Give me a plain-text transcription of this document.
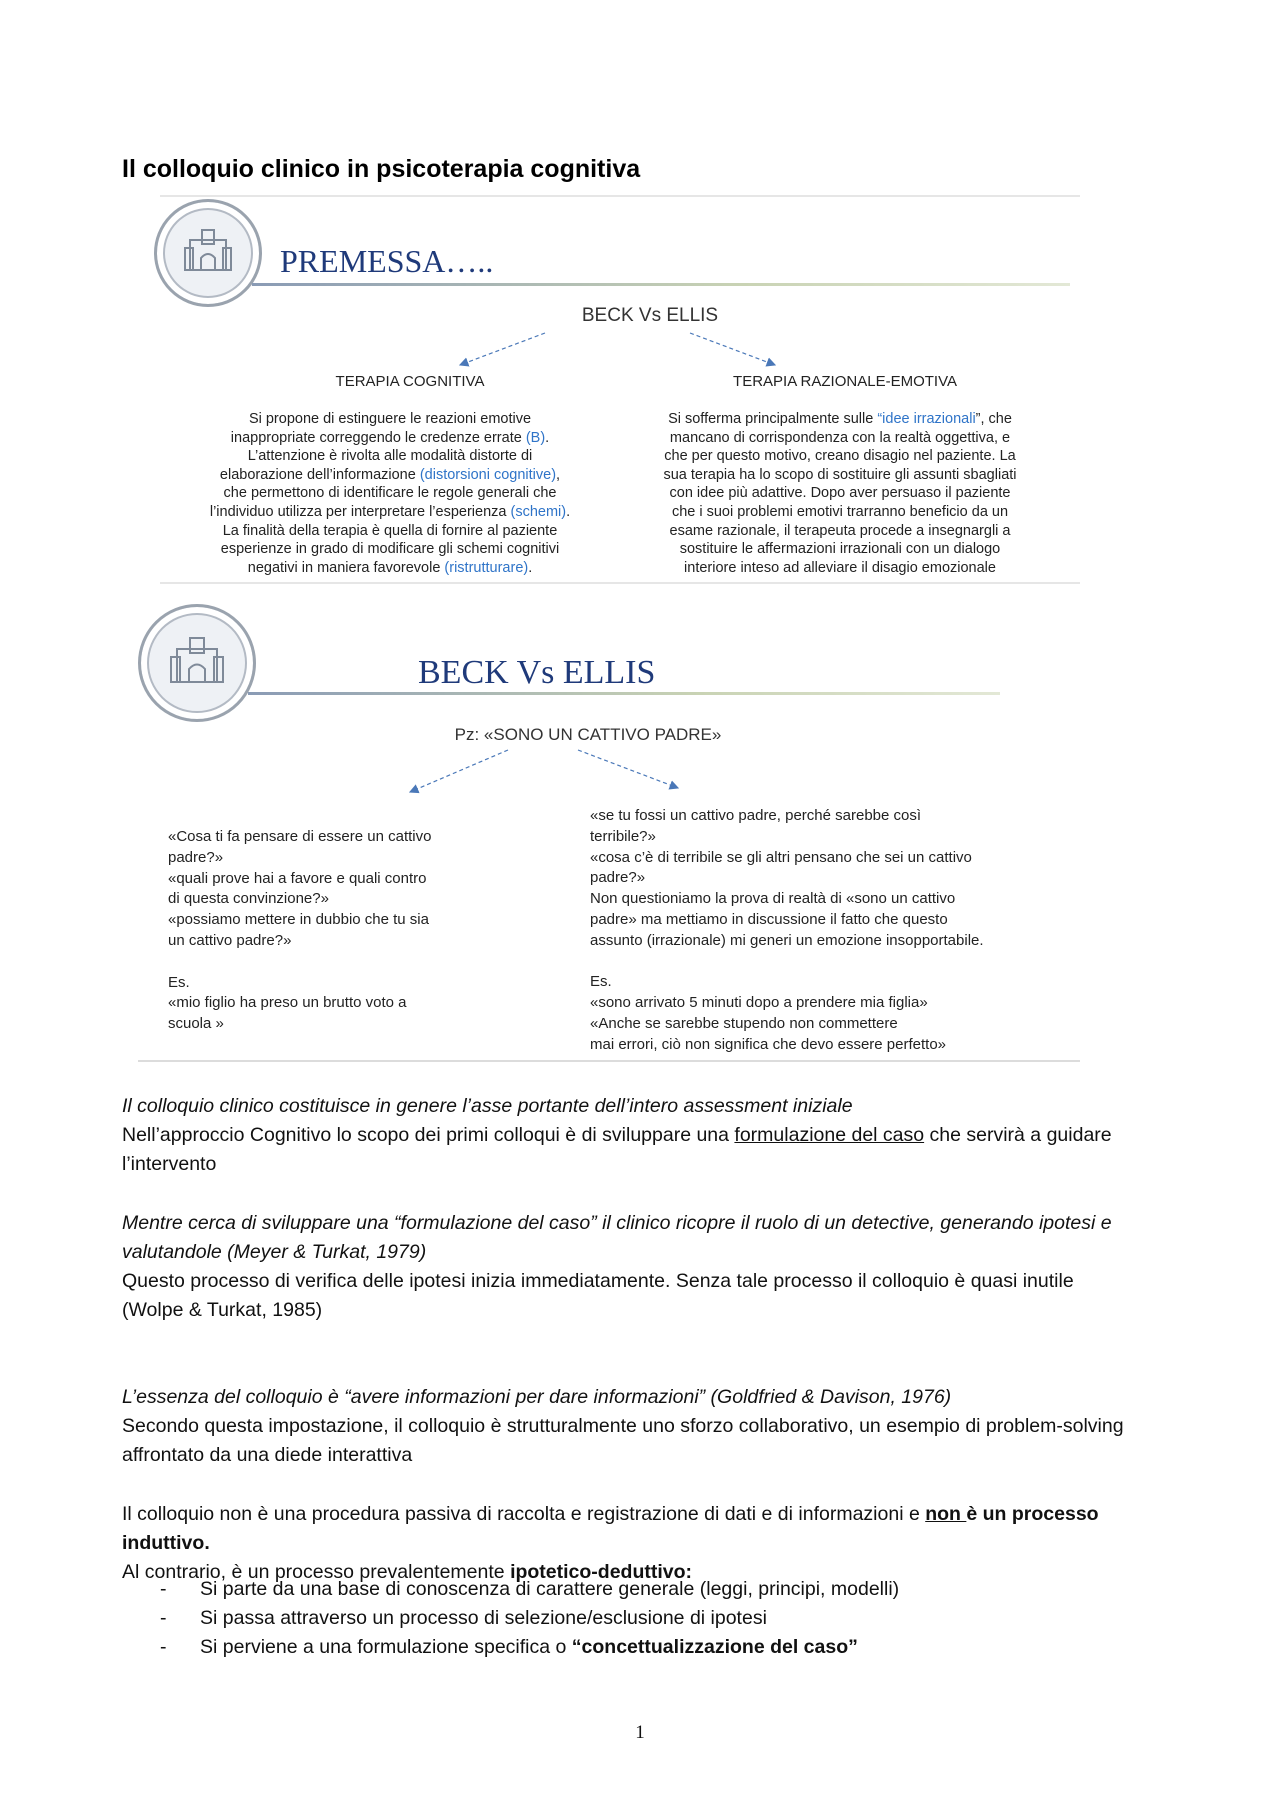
Il colloquio clinico in psicoterapia cognitiva
PREMESSA…..
BECK Vs ELLIS
TERAPIA COGNITIVA	TERAPIA RAZIONALE-EMOTIVA

Si propone di estinguere le reazioni emotive
inappropriate correggendo le credenze errate (B).
L’attenzione è rivolta alle modalità distorte di
elaborazione dell’informazione (distorsioni cognitive),
che permettono di identificare le regole generali che
l’individuo utilizza per interpretare l’esperienza (schemi).
La finalità della terapia è quella di fornire al paziente
esperienze in grado di modificare gli schemi cognitivi
negativi in maniera favorevole (ristrutturare).

Si sofferma principalmente sulle “idee irrazionali”, che
mancano di corrispondenza con la realtà oggettiva, e
che per questo motivo, creano disagio nel paziente. La
sua terapia ha lo scopo di sostituire gli assunti sbagliati
con idee più adattive. Dopo aver persuaso il paziente
che i suoi problemi emotivi trarranno beneficio da un
esame razionale, il terapeuta procede a insegnargli a
sostituire le affermazioni irrazionali con un dialogo
interiore inteso ad alleviare il disagio emozionale

BECK Vs ELLIS
Pz: «SONO UN CATTIVO PADRE»

«Cosa ti fa pensare di essere un cattivo
padre?»
«quali prove hai a favore e quali contro
di questa convinzione?»
«possiamo mettere in dubbio che tu sia
un cattivo padre?»

Es.
«mio figlio ha preso un brutto voto a
scuola »

«se tu fossi un cattivo padre, perché sarebbe così
terribile?»
«cosa c’è di terribile se gli altri pensano che sei un cattivo
padre?»
Non questioniamo la prova di realtà di «sono un cattivo
padre» ma mettiamo in discussione il fatto che questo
assunto (irrazionale) mi generi un emozione insopportabile.

Es.
«sono arrivato 5 minuti dopo a prendere mia figlia»
«Anche se sarebbe stupendo non commettere
mai errori, ciò non significa che devo essere perfetto»

Il colloquio clinico costituisce in genere l’asse portante dell’intero assessment iniziale
Nell’approccio Cognitivo lo scopo dei primi colloqui è di sviluppare una formulazione del caso che servirà a guidare l’intervento

Mentre cerca di sviluppare una “formulazione del caso” il clinico ricopre il ruolo di un detective, generando ipotesi e valutandole (Meyer & Turkat, 1979)
Questo processo di verifica delle ipotesi inizia immediatamente. Senza tale processo il colloquio è quasi inutile
(Wolpe & Turkat, 1985)

L’essenza del colloquio è “avere informazioni per dare informazioni” (Goldfried & Davison, 1976)
Secondo questa impostazione, il colloquio è strutturalmente uno sforzo collaborativo, un esempio di problem-solving affrontato da una diede interattiva

Il colloquio non è una procedura passiva di raccolta e registrazione di dati e di informazioni e non è un processo induttivo.
Al contrario, è un processo prevalentemente ipotetico-deduttivo:

- Si parte da una base di conoscenza di carattere generale (leggi, principi, modelli)
- Si passa attraverso un processo di selezione/esclusione di ipotesi
- Si perviene a una formulazione specifica o “concettualizzazione del caso”
1
